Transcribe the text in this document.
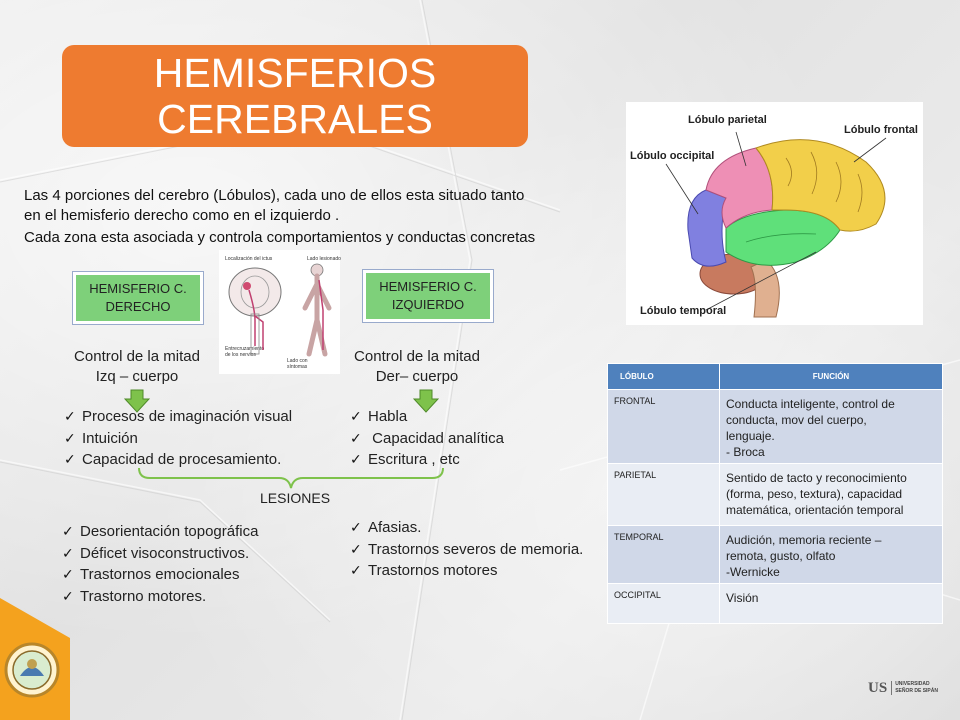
HEMISFERIOS
CEREBRALES
Las 4 porciones del cerebro (Lóbulos), cada uno de ellos esta situado tanto
en el hemisferio derecho como en el izquierdo .
Cada zona esta asociada y controla comportamientos y conductas concretas
HEMISFERIO C.
DERECHO
Control de la mitad
Izq – cuerpo
HEMISFERIO C.
IZQUIERDO
Control de la mitad
Der– cuerpo
✓ Procesos de imaginación visual
✓ Intuición
✓ Capacidad de procesamiento.
✓ Habla
✓ Capacidad analítica
✓ Escritura , etc
LESIONES
✓ Desorientación topográfica
✓ Déficet visoconstructivos.
✓ Trastornos emocionales
✓ Trastorno motores.
✓ Afasias.
✓ Trastornos severos de memoria.
✓ Trastornos motores
Localización del ictus	Lado lesionado
Entrecruzamiento de los nervios
Lado con síntomas
Lóbulo parietal
Lóbulo frontal
Lóbulo occipital
Lóbulo temporal
LÓBULO	FUNCIÓN
FRONTAL	Conducta inteligente, control de
conducta, mov del cuerpo,
lenguaje.
- Broca

PARIETAL	Sentido de tacto y reconocimiento
(forma, peso, textura), capacidad
matemática, orientación temporal

TEMPORAL	Audición, memoria reciente –
remota, gusto, olfato
-Wernicke

OCCIPITAL	Visión
US UNIVERSIDAD
SEÑOR DE SIPÁN
